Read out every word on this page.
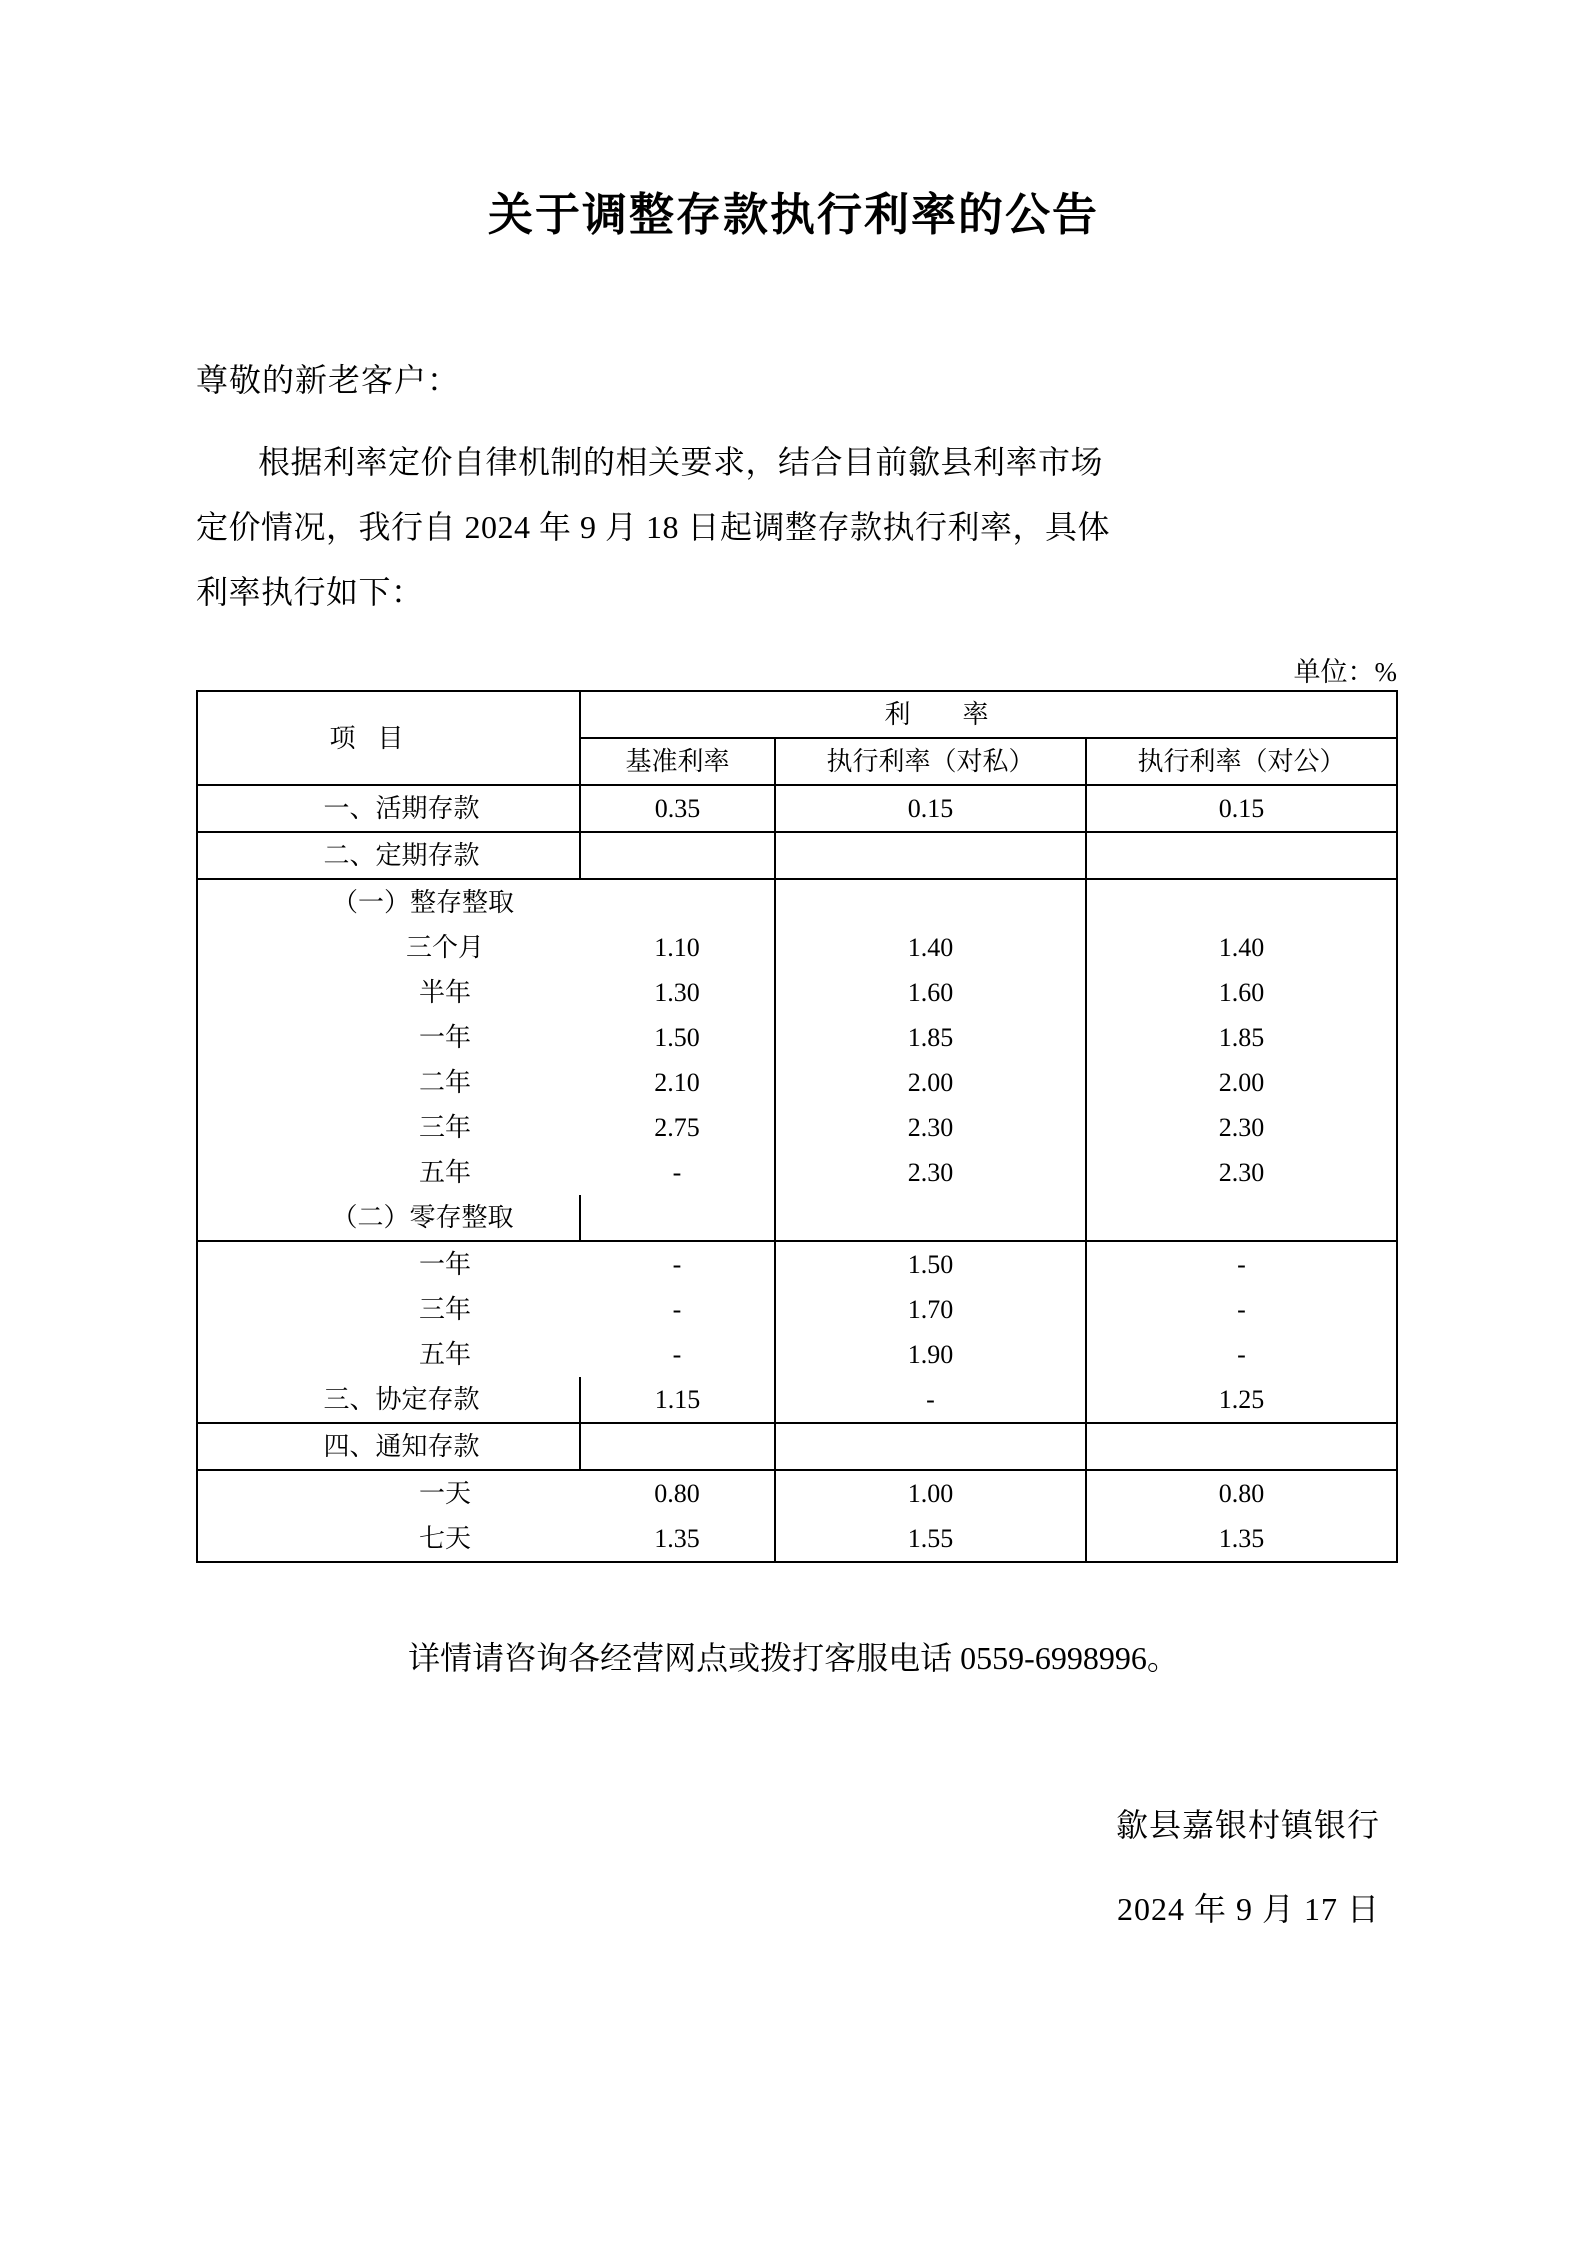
关于调整存款执行利率的公告
尊敬的新老客户：
根据利率定价自律机制的相关要求，结合目前歙县利率市场
定价情况，我行自 2024 年 9 月 18 日起调整存款执行利率，具体
利率执行如下：
单位：%
项目	利率		
	基准利率	执行利率（对私）	执行利率（对公）
一、活期存款	0.35	0.15	0.15
二、定期存款			
（一）整存整取			
三个月	1.10	1.40	1.40
半年	1.30	1.60	1.60
一年	1.50	1.85	1.85
二年	2.10	2.00	2.00
三年	2.75	2.30	2.30
五年	-	2.30	2.30
（二）零存整取			
一年	-	1.50	-
三年	-	1.70	-
五年	-	1.90	-
三、协定存款	1.15	-	1.25
四、通知存款			
一天	0.80	1.00	0.80
七天	1.35	1.55	1.35
详情请咨询各经营网点或拨打客服电话 0559-6998996。
歙县嘉银村镇银行
2024 年 9 月 17 日
